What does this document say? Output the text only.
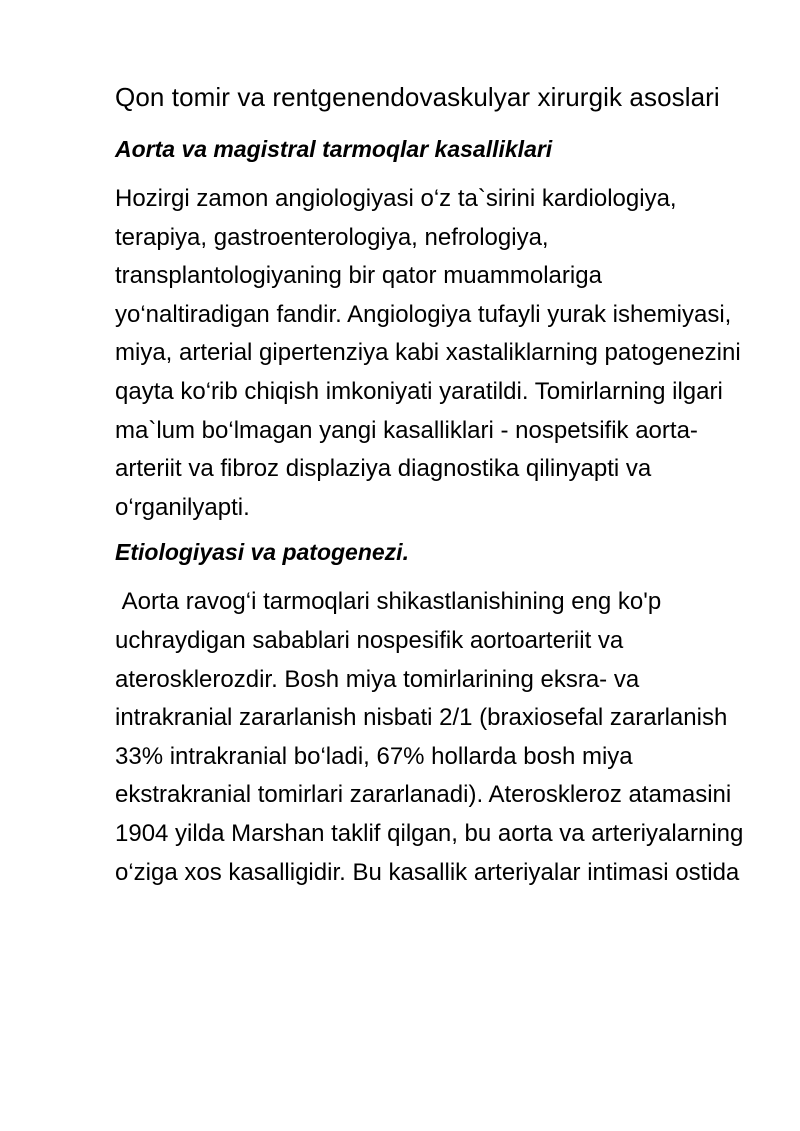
Qon tomir va rentgenendovaskulyar xirurgik asoslari
Aorta va magistral tarmoqlar kasalliklari

Hozirgi zamon angiologiyasi o‘z ta`sirini kardiologiya, terapiya, gastroenterologiya, nefrologiya, transplantologiyaning bir qator muammolariga yo‘naltiradigan fandir. Angiologiya tufayli yurak ishemiyasi, miya, arterial gipertenziya kabi xastaliklarning patogenezini qayta ko‘rib chiqish imkoniyati yaratildi. Tomirlarning ilgari ma`lum bo‘lmagan yangi kasalliklari - nospetsifik aorta-arteriit va fibroz displaziya diagnostika qilinyapti va o‘rganilyapti.

Etiologiyasi va patogenezi.

Aorta ravog‘i tarmoqlari shikastlanishining eng ko'p uchraydigan sabablari nospesifik aortoarteriit va aterosklerozdir. Bosh miya tomirlarining eksra- va intrakranial zararlanish nisbati 2/1 (braxiosefal zararlanish 33% intrakranial bo‘ladi, 67% hollarda bosh miya ekstrakranial tomirlari zararlanadi). Ateroskleroz atamasini 1904 yilda Marshan taklif qilgan, bu aorta va arteriyalarning o‘ziga xos kasalligidir. Bu kasallik arteriyalar intimasi ostida
